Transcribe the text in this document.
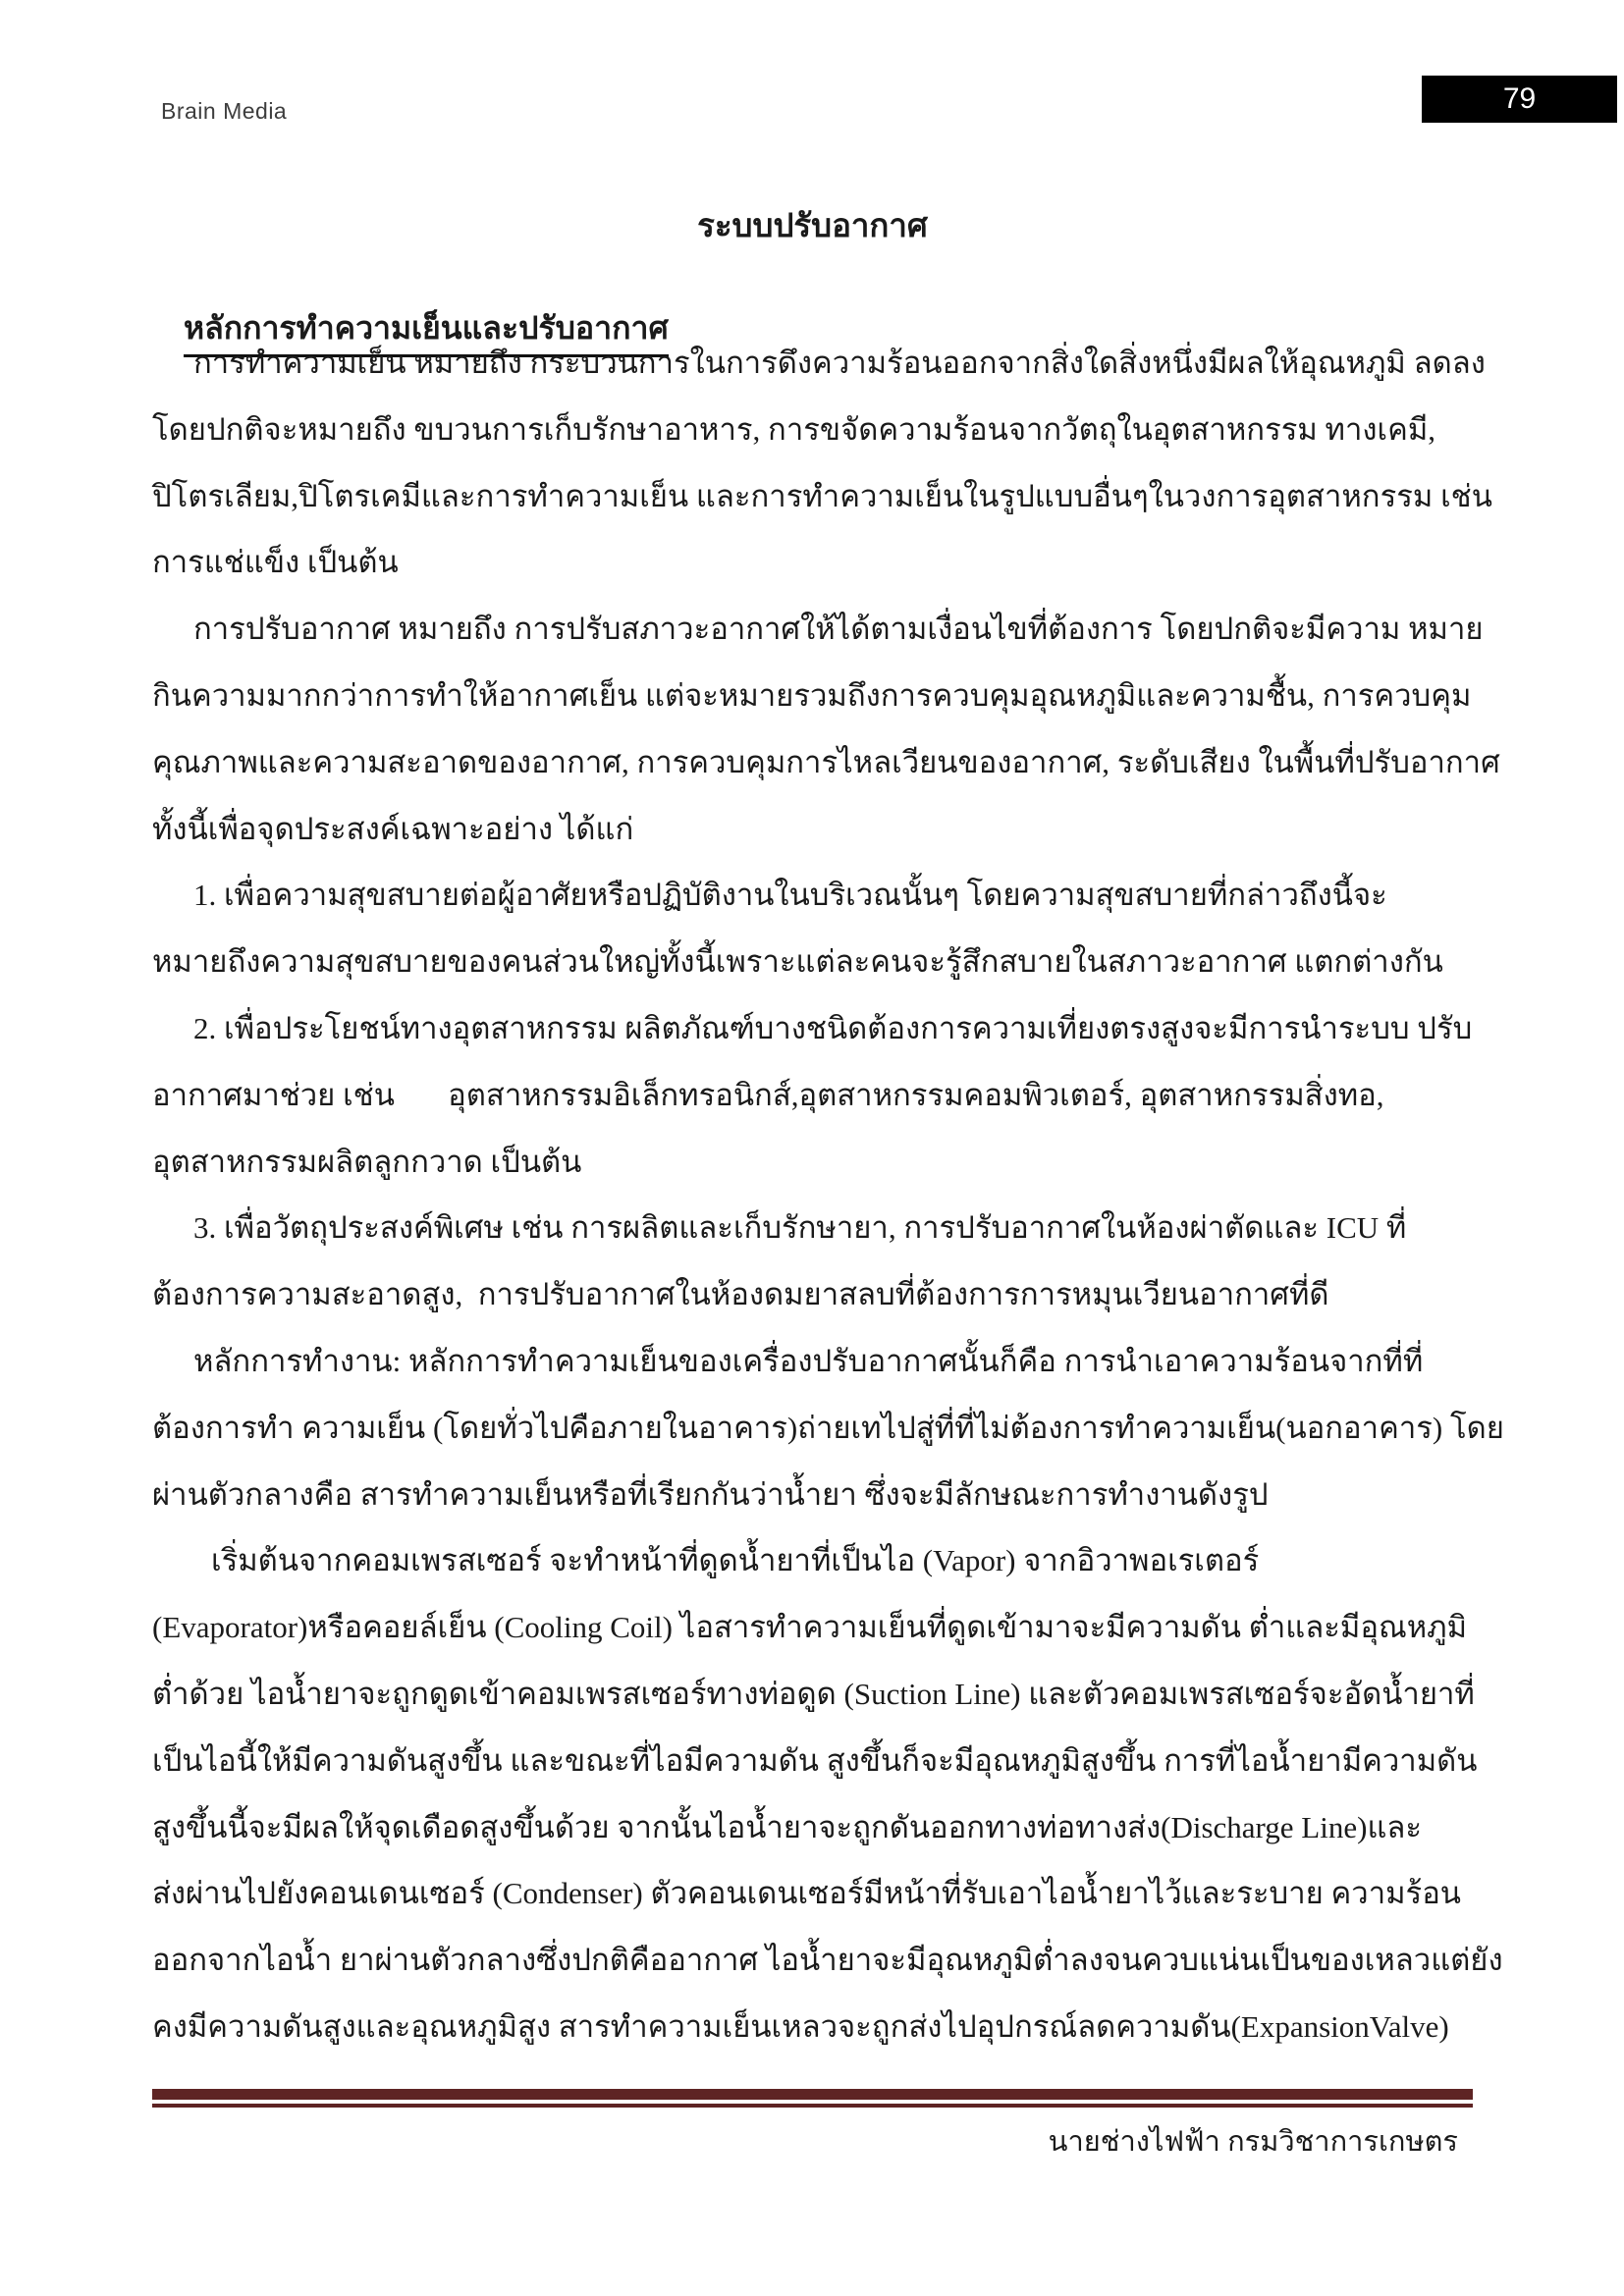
Brain Media	79
ระบบปรับอากาศ

หลักการทำความเย็นและปรับอากาศ

การทำความเย็น หมายถึง กระบวนการในการดึงความร้อนออกจากสิ่งใดสิ่งหนึ่งมีผลให้อุณหภูมิ ลดลง
โดยปกติจะหมายถึง ขบวนการเก็บรักษาอาหาร, การขจัดความร้อนจากวัตถุในอุตสาหกรรม ทางเคมี,
ปิโตรเลียม,ปิโตรเคมีและการทำความเย็น และการทำความเย็นในรูปแบบอื่นๆในวงการอุตสาหกรรม เช่น
การแช่แข็ง เป็นต้น
การปรับอากาศ หมายถึง การปรับสภาวะอากาศให้ได้ตามเงื่อนไขที่ต้องการ โดยปกติจะมีความ หมาย
กินความมากกว่าการทำให้อากาศเย็น แต่จะหมายรวมถึงการควบคุมอุณหภูมิและความชื้น, การควบคุม
คุณภาพและความสะอาดของอากาศ, การควบคุมการไหลเวียนของอากาศ, ระดับเสียง ในพื้นที่ปรับอากาศ
ทั้งนี้เพื่อจุดประสงค์เฉพาะอย่าง ได้แก่
1. เพื่อความสุขสบายต่อผู้อาศัยหรือปฏิบัติงานในบริเวณนั้นๆ โดยความสุขสบายที่กล่าวถึงนี้จะ
หมายถึงความสุขสบายของคนส่วนใหญ่ทั้งนี้เพราะแต่ละคนจะรู้สึกสบายในสภาวะอากาศ แตกต่างกัน
2. เพื่อประโยชน์ทางอุตสาหกรรม ผลิตภัณฑ์บางชนิดต้องการความเที่ยงตรงสูงจะมีการนำระบบ ปรับ
อากาศมาช่วย เช่น       อุตสาหกรรมอิเล็กทรอนิกส์,อุตสาหกรรมคอมพิวเตอร์, อุตสาหกรรมสิ่งทอ,
อุตสาหกรรมผลิตลูกกวาด เป็นต้น
3. เพื่อวัตถุประสงค์พิเศษ เช่น การผลิตและเก็บรักษายา, การปรับอากาศในห้องผ่าตัดและ ICU ที่
ต้องการความสะอาดสูง,  การปรับอากาศในห้องดมยาสลบที่ต้องการการหมุนเวียนอากาศที่ดี
หลักการทำงาน: หลักการทำความเย็นของเครื่องปรับอากาศนั้นก็คือ การนำเอาความร้อนจากที่ที่
ต้องการทำ ความเย็น (โดยทั่วไปคือภายในอาคาร)ถ่ายเทไปสู่ที่ที่ไม่ต้องการทำความเย็น(นอกอาคาร) โดย
ผ่านตัวกลางคือ สารทำความเย็นหรือที่เรียกกันว่าน้ำยา ซึ่งจะมีลักษณะการทำงานดังรูป
เริ่มต้นจากคอมเพรสเซอร์ จะทำหน้าที่ดูดน้ำยาที่เป็นไอ (Vapor) จากอิวาพอเรเตอร์
(Evaporator)หรือคอยล์เย็น (Cooling Coil) ไอสารทำความเย็นที่ดูดเข้ามาจะมีความดัน ต่ำและมีอุณหภูมิ
ต่ำด้วย ไอน้ำยาจะถูกดูดเข้าคอมเพรสเซอร์ทางท่อดูด (Suction Line) และตัวคอมเพรสเซอร์จะอัดน้ำยาที่
เป็นไอนี้ให้มีความดันสูงขึ้น และขณะที่ไอมีความดัน สูงขึ้นก็จะมีอุณหภูมิสูงขึ้น การที่ไอน้ำยามีความดัน
สูงขึ้นนี้จะมีผลให้จุดเดือดสูงขึ้นด้วย จากนั้นไอน้ำยาจะถูกดันออกทางท่อทางส่ง(Discharge Line)และ
ส่งผ่านไปยังคอนเดนเซอร์ (Condenser) ตัวคอนเดนเซอร์มีหน้าที่รับเอาไอน้ำยาไว้และระบาย ความร้อน
ออกจากไอน้ำ ยาผ่านตัวกลางซึ่งปกติคืออากาศ ไอน้ำยาจะมีอุณหภูมิต่ำลงจนควบแน่นเป็นของเหลวแต่ยัง
คงมีความดันสูงและอุณหภูมิสูง สารทำความเย็นเหลวจะถูกส่งไปอุปกรณ์ลดความดัน(ExpansionValve)
นายช่างไฟฟ้า กรมวิชาการเกษตร
